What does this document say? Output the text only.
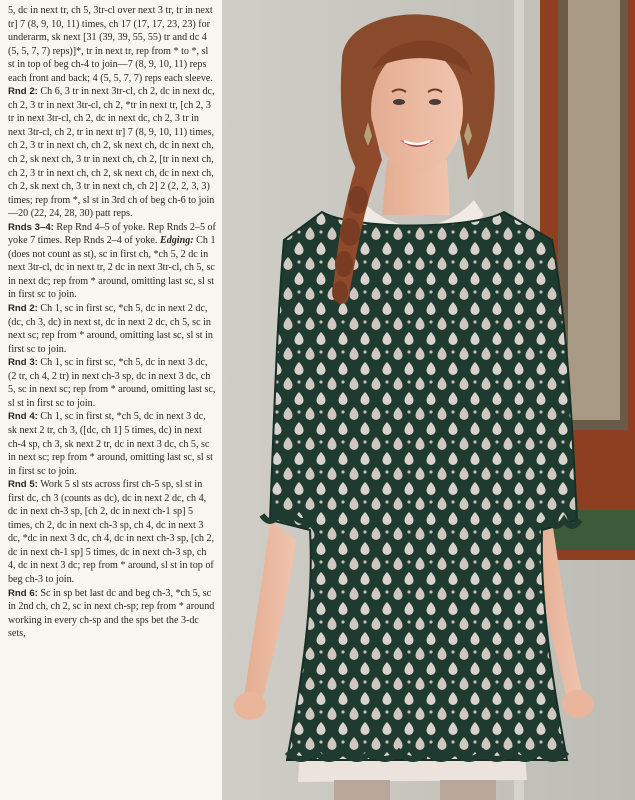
5, dc in next tr, ch 5, 3tr-cl over next 3 tr, tr in next tr] 7 (8, 9, 10, 11) times, ch 17 (17, 17, 23, 23) for underarm, sk next [31 (39, 39, 55, 55) tr and dc 4 (5, 5, 7, 7) reps)]*, tr in next tr, rep from * to *, sl st in top of beg ch-4 to join—7 (8, 9, 10, 11) reps each front and back; 4 (5, 5, 7, 7) reps each sleeve.

Rnd 2: Ch 6, 3 tr in next 3tr-cl, ch 2, dc in next dc, ch 2, 3 tr in next 3tr-cl, ch 2, *tr in next tr, [ch 2, 3 tr in next 3tr-cl, ch 2, dc in next dc, ch 2, 3 tr in next 3tr-cl, ch 2, tr in next tr] 7 (8, 9, 10, 11) times, ch 2, 3 tr in next ch, ch 2, sk next ch, dc in next ch, ch 2, sk next ch, 3 tr in next ch, ch 2, [tr in next ch, ch 2, 3 tr in next ch, ch 2, sk next ch, dc in next ch, ch 2, sk next ch, 3 tr in next ch, ch 2] 2 (2, 2, 3, 3) times; rep from *, sl st in 3rd ch of beg ch-6 to join—20 (22, 24, 28, 30) patt reps.

Rnds 3–4: Rep Rnd 4–5 of yoke. Rep Rnds 2–5 of yoke 7 times. Rep Rnds 2–4 of yoke. Edging: Ch 1 (does not count as st), sc in first ch, *ch 5, 2 dc in next 3tr-cl, dc in next tr, 2 dc in next 3tr-cl, ch 5, sc in next dc; rep from * around, omitting last sc, sl st in first sc to join.

Rnd 2: Ch 1, sc in first sc, *ch 5, dc in next 2 dc, (dc, ch 3, dc) in next st, dc in next 2 dc, ch 5, sc in next sc; rep from * around, omitting last sc, sl st in first sc to join.

Rnd 3: Ch 1, sc in first sc, *ch 5, dc in next 3 dc, (2 tr, ch 4, 2 tr) in next ch-3 sp, dc in next 3 dc, ch 5, sc in next sc; rep from * around, omitting last sc, sl st in first sc to join.

Rnd 4: Ch 1, sc in first st, *ch 5, dc in next 3 dc, sk next 2 tr, ch 3, ([dc, ch 1] 5 times, dc) in next ch-4 sp, ch 3, sk next 2 tr, dc in next 3 dc, ch 5, sc in next sc; rep from * around, omitting last sc, sl st in first sc to join.

Rnd 5: Work 5 sl sts across first ch-5 sp, sl st in first dc, ch 3 (counts as dc), dc in next 2 dc, ch 4, dc in next ch-3 sp, [ch 2, dc in next ch-1 sp] 5 times, ch 2, dc in next ch-3 sp, ch 4, dc in next 3 dc, *dc in next 3 dc, ch 4, dc in next ch-3 sp, [ch 2, dc in next ch-1 sp] 5 times, dc in next ch-3 sp, ch 4, dc in next 3 dc; rep from * around, sl st in top of beg ch-3 to join.

Rnd 6: Sc in sp bet last dc and beg ch-3, *ch 5, sc in 2nd ch, ch 2, sc in next ch-sp; rep from * around working in every ch-sp and the sps bet the 3-dc sets,
